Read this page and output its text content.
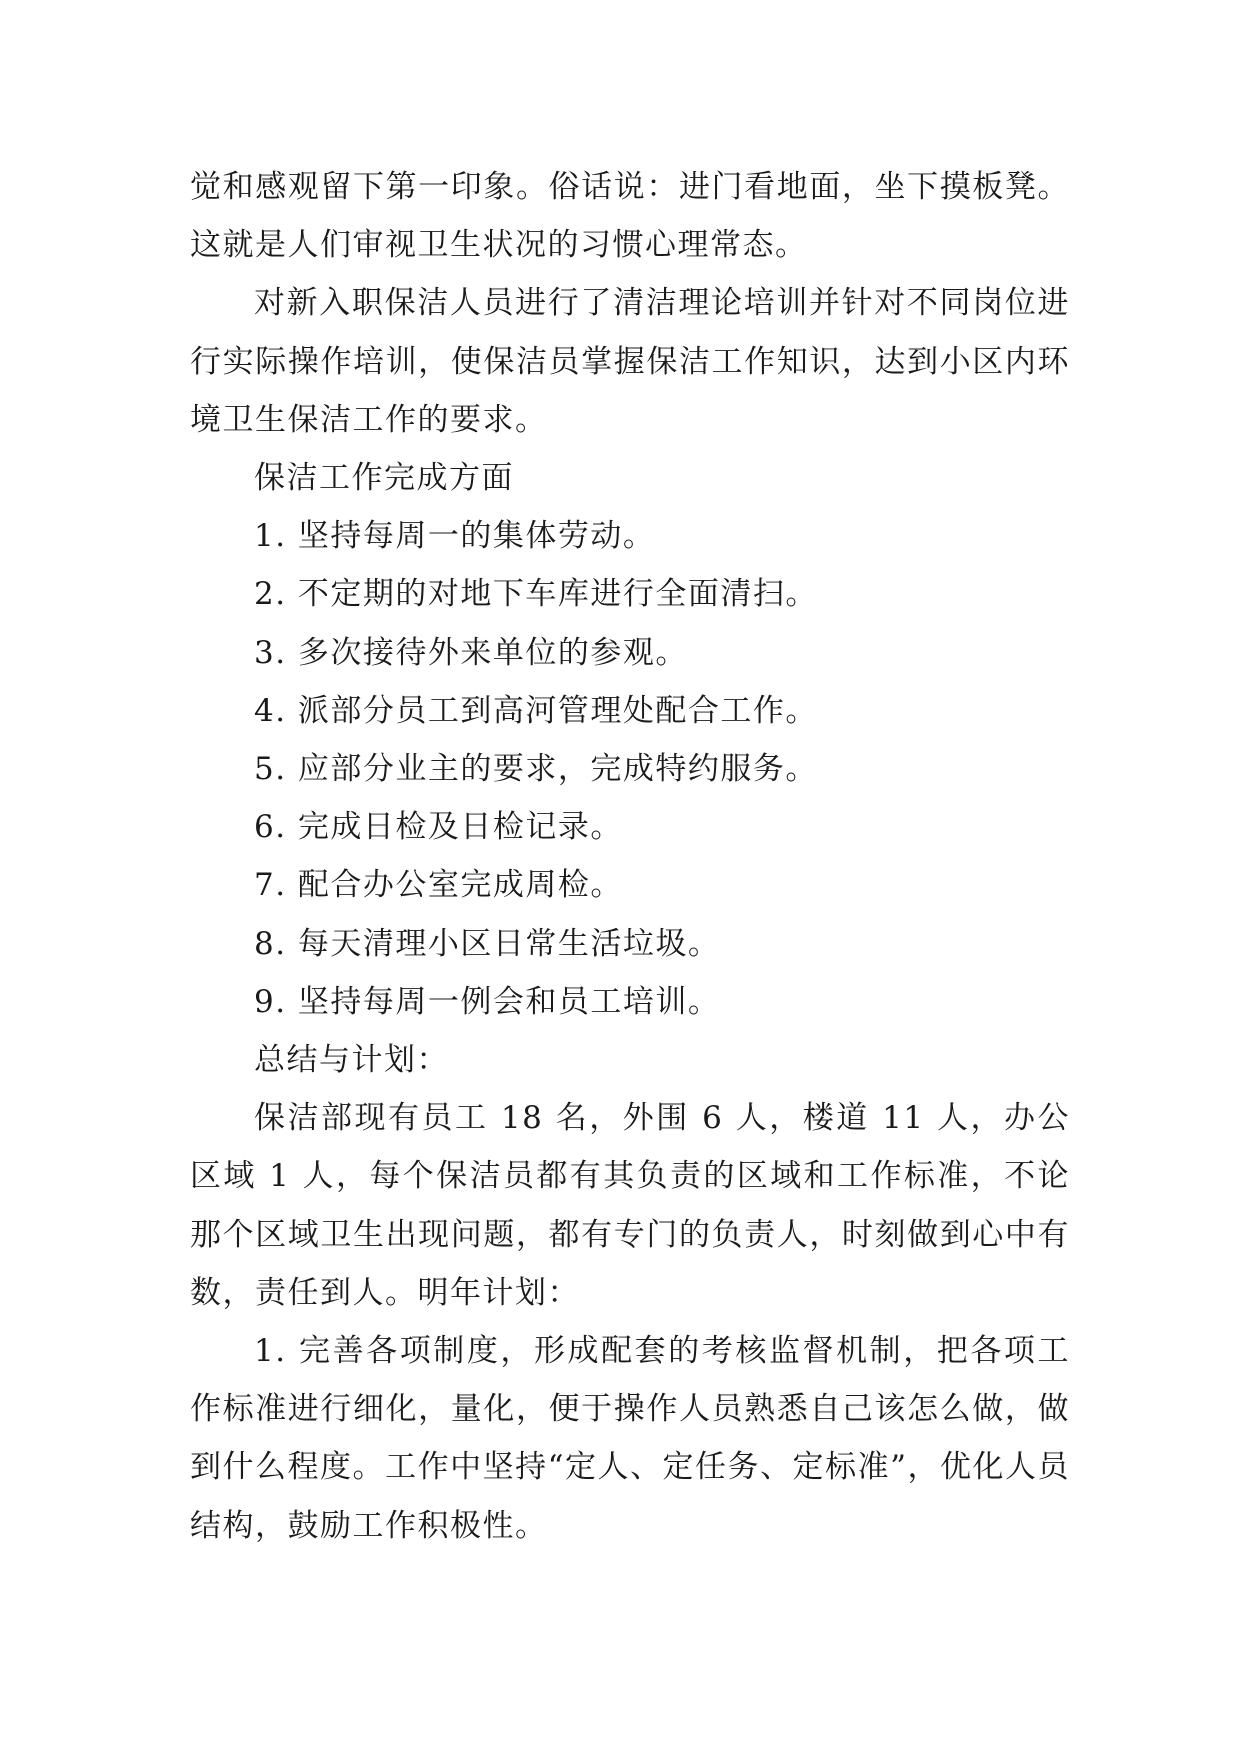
觉和感观留下第一印象。俗话说：进门看地面，坐下摸板凳。这就是人们审视卫生状况的习惯心理常态。

对新入职保洁人员进行了清洁理论培训并针对不同岗位进行实际操作培训，使保洁员掌握保洁工作知识，达到小区内环境卫生保洁工作的要求。

保洁工作完成方面

1. 坚持每周一的集体劳动。

2. 不定期的对地下车库进行全面清扫。

3. 多次接待外来单位的参观。

4. 派部分员工到高河管理处配合工作。

5. 应部分业主的要求，完成特约服务。

6. 完成日检及日检记录。

7. 配合办公室完成周检。

8. 每天清理小区日常生活垃圾。

9. 坚持每周一例会和员工培训。

总结与计划：

保洁部现有员工 18 名，外围 6 人，楼道 11 人，办公区域 1 人，每个保洁员都有其负责的区域和工作标准，不论那个区域卫生出现问题，都有专门的负责人，时刻做到心中有数，责任到人。明年计划：

1. 完善各项制度，形成配套的考核监督机制，把各项工作标准进行细化，量化，便于操作人员熟悉自己该怎么做，做到什么程度。工作中坚持“定人、定任务、定标准”，优化人员结构，鼓励工作积极性。
